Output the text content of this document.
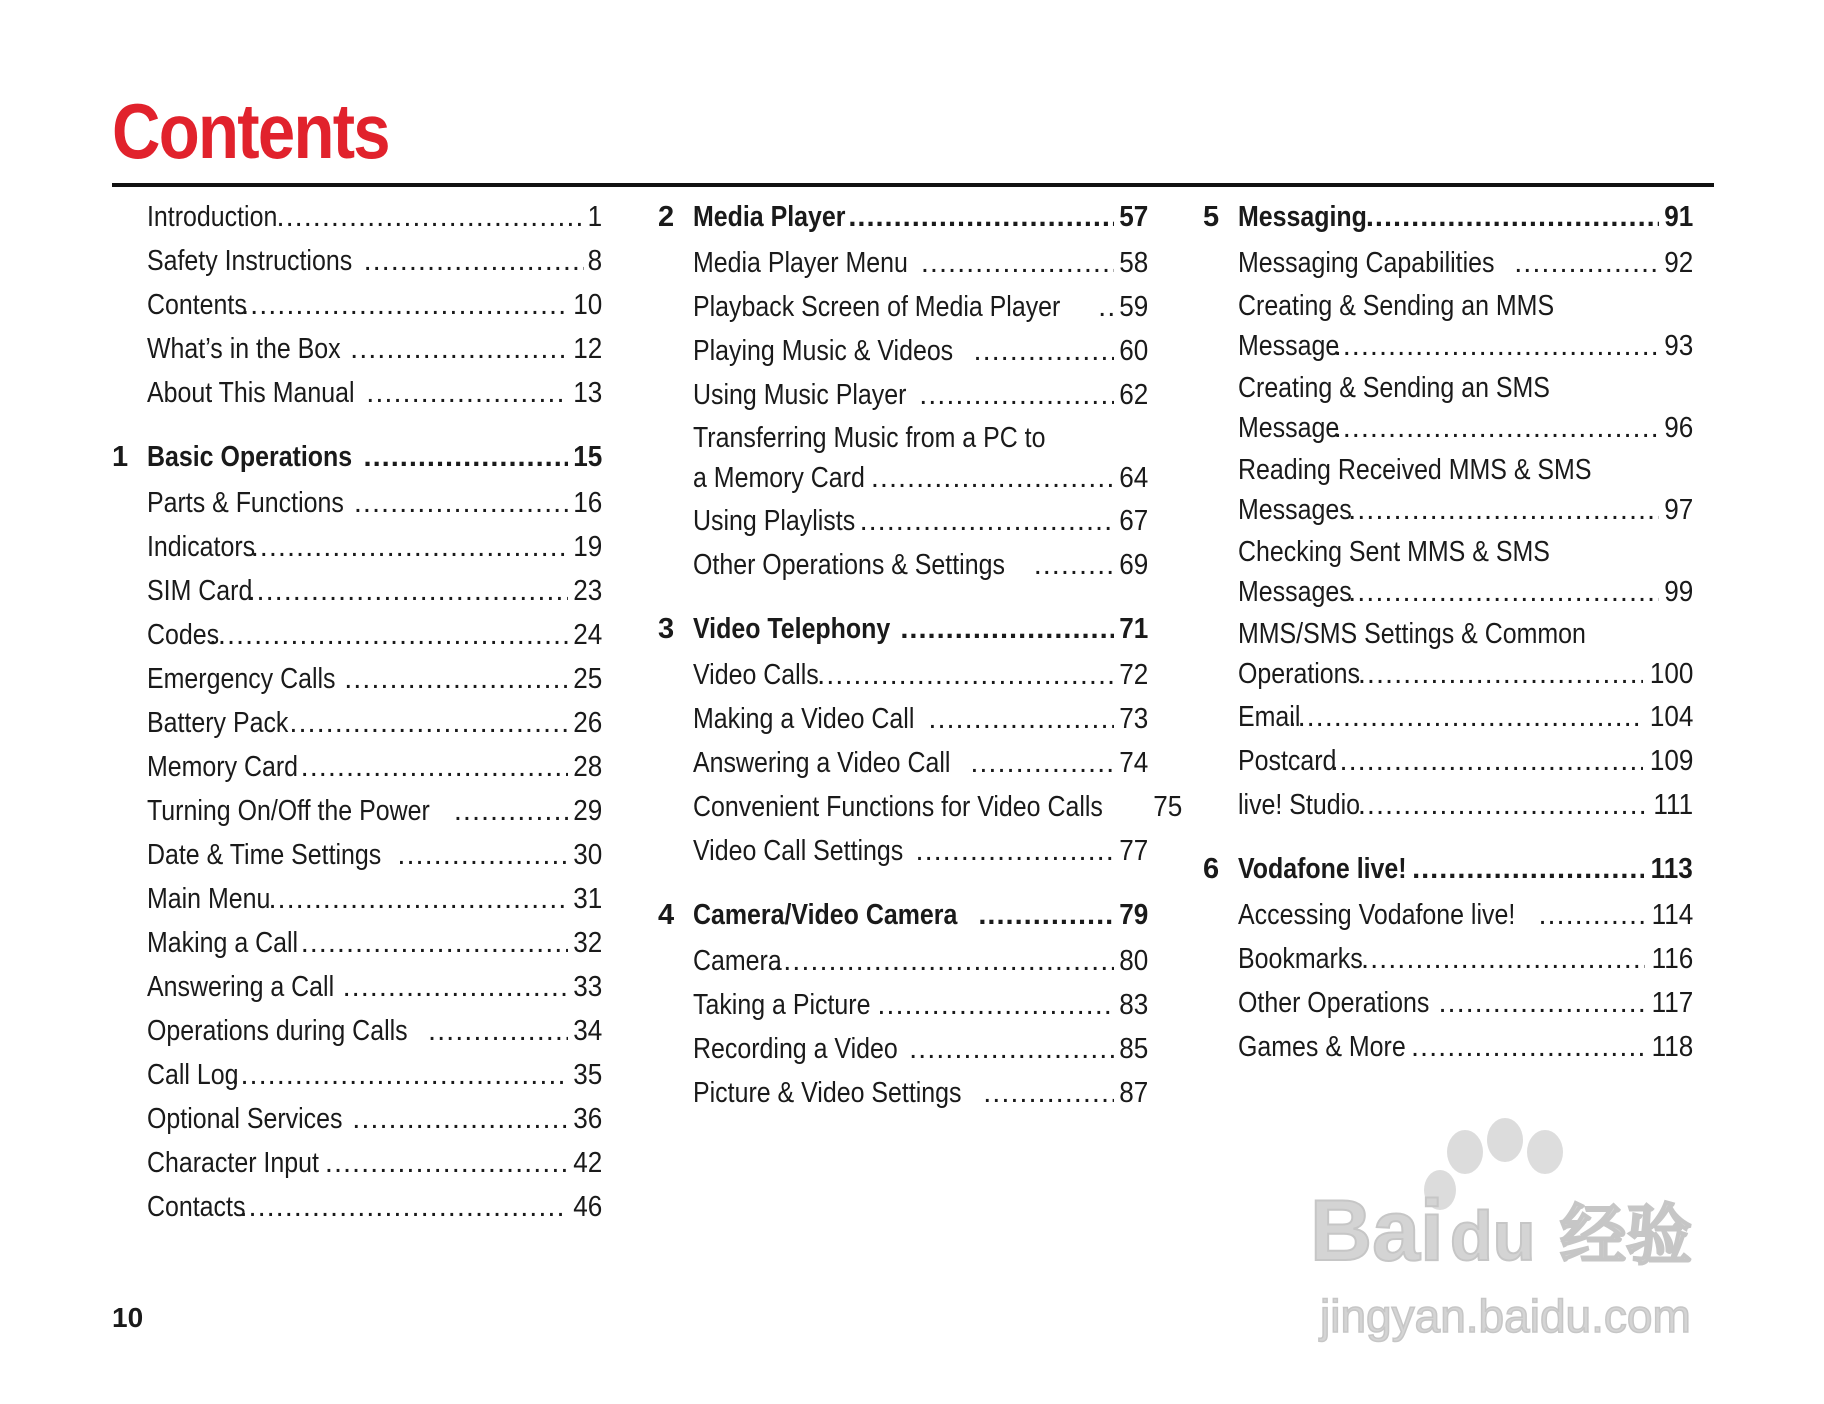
Contents
Introduction .....	1
Safety Instructions .....	8
Contents .....	10
What’s in the Box .....	12
About This Manual .....	13
1 Basic Operations .....	15
Parts & Functions .....	16
Indicators .....	19
SIM Card .....	23
Codes .....	24
Emergency Calls .....	25
Battery Pack .....	26
Memory Card .....	28
Turning On/Off the Power .....	29
Date & Time Settings .....	30
Main Menu .....	31
Making a Call .....	32
Answering a Call .....	33
Operations during Calls .....	34
Call Log .....	35
Optional Services .....	36
Character Input .....	42
Contacts .....	46
2 Media Player .....	57
Media Player Menu .....	58
Playback Screen of Media Player ..... 59
Playing Music & Videos .....	60
Using Music Player .....	62
Transferring Music from a PC to
a Memory Card .....	64
Using Playlists .....	67
Other Operations & Settings .....	69
3 Video Telephony .....	71
Video Calls .....	72
Making a Video Call .....	73
Answering a Video Call .....	74
Convenient Functions for Video Calls 75
Video Call Settings .....	77
4 Camera/Video Camera .....	79
Camera .....	80
Taking a Picture .....	83
Recording a Video .....	85
Picture & Video Settings .....	87
5 Messaging .....	91
Messaging Capabilities .....	92
Creating & Sending an MMS
Message .....	93
Creating & Sending an SMS
Message .....	96
Reading Received MMS & SMS
Messages .....	97
Checking Sent MMS & SMS
Messages .....	99
MMS/SMS Settings & Common
Operations .....	100
Email .....	104
Postcard .....	109
live! Studio .....	111
6 Vodafone live! .....	113
Accessing Vodafone live! .....	114
Bookmarks .....	116
Other Operations .....	117
Games & More .....	118
10
Bai du 经验
jingyan.baidu.com
